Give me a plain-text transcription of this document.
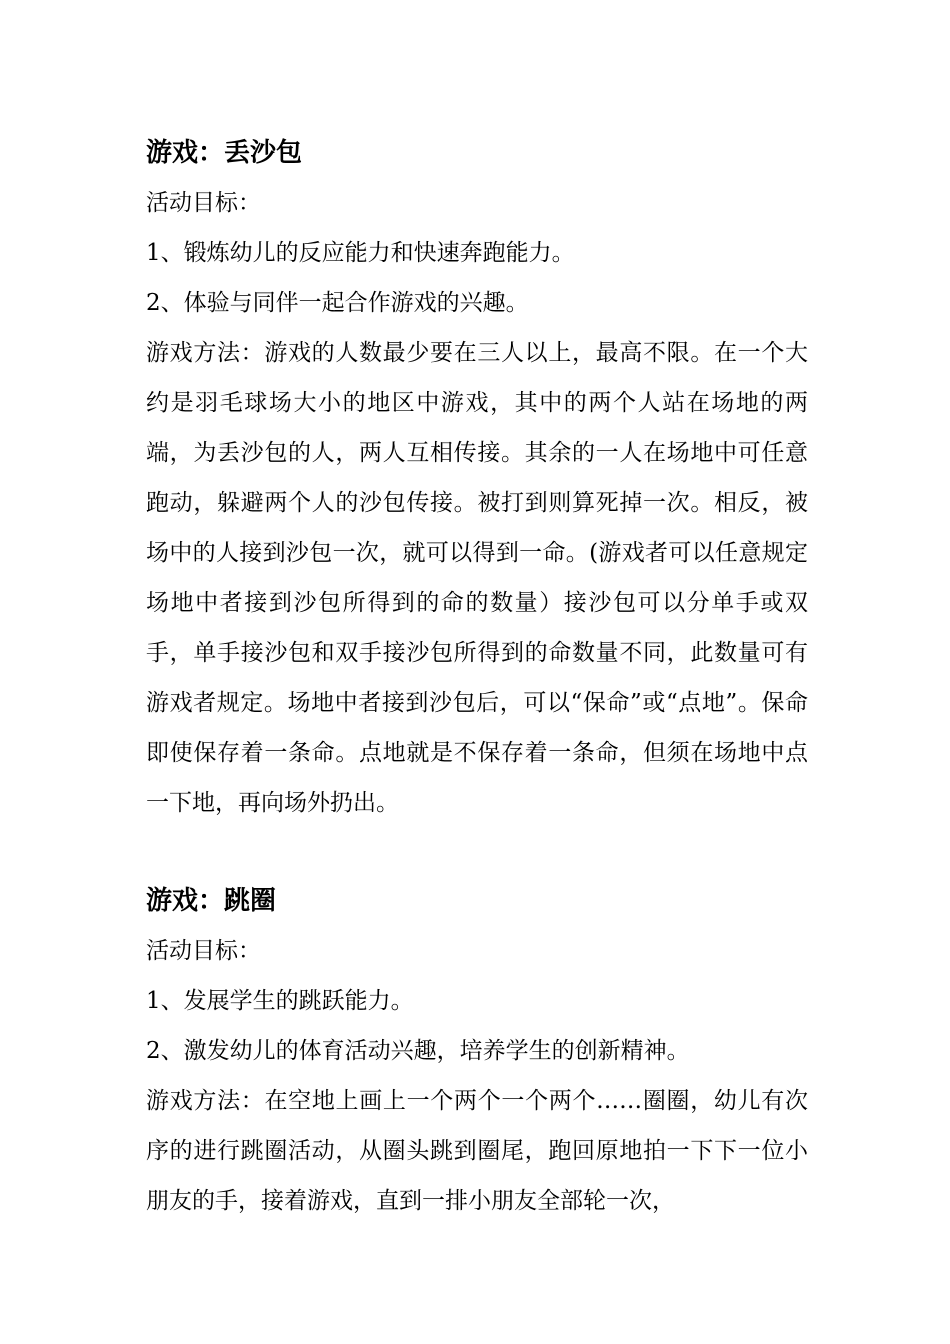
游戏：丢沙包
活动目标：
1、锻炼幼儿的反应能力和快速奔跑能力。
2、体验与同伴一起合作游戏的兴趣。
游戏方法：游戏的人数最少要在三人以上，最高不限。在一个大约是羽毛球场大小的地区中游戏，其中的两个人站在场地的两端，为丢沙包的人，两人互相传接。其余的一人在场地中可任意跑动，躲避两个人的沙包传接。被打到则算死掉一次。相反，被场中的人接到沙包一次，就可以得到一命。(游戏者可以任意规定场地中者接到沙包所得到的命的数量）接沙包可以分单手或双手，单手接沙包和双手接沙包所得到的命数量不同，此数量可有游戏者规定。场地中者接到沙包后，可以“保命”或“点地”。保命即使保存着一条命。点地就是不保存着一条命，但须在场地中点一下地，再向场外扔出。
游戏：跳圈
活动目标：
1、发展学生的跳跃能力。
2、激发幼儿的体育活动兴趣，培养学生的创新精神。
游戏方法：在空地上画上一个两个一个两个……圈圈，幼儿有次序的进行跳圈活动，从圈头跳到圈尾，跑回原地拍一下下一位小朋友的手，接着游戏，直到一排小朋友全部轮一次，
